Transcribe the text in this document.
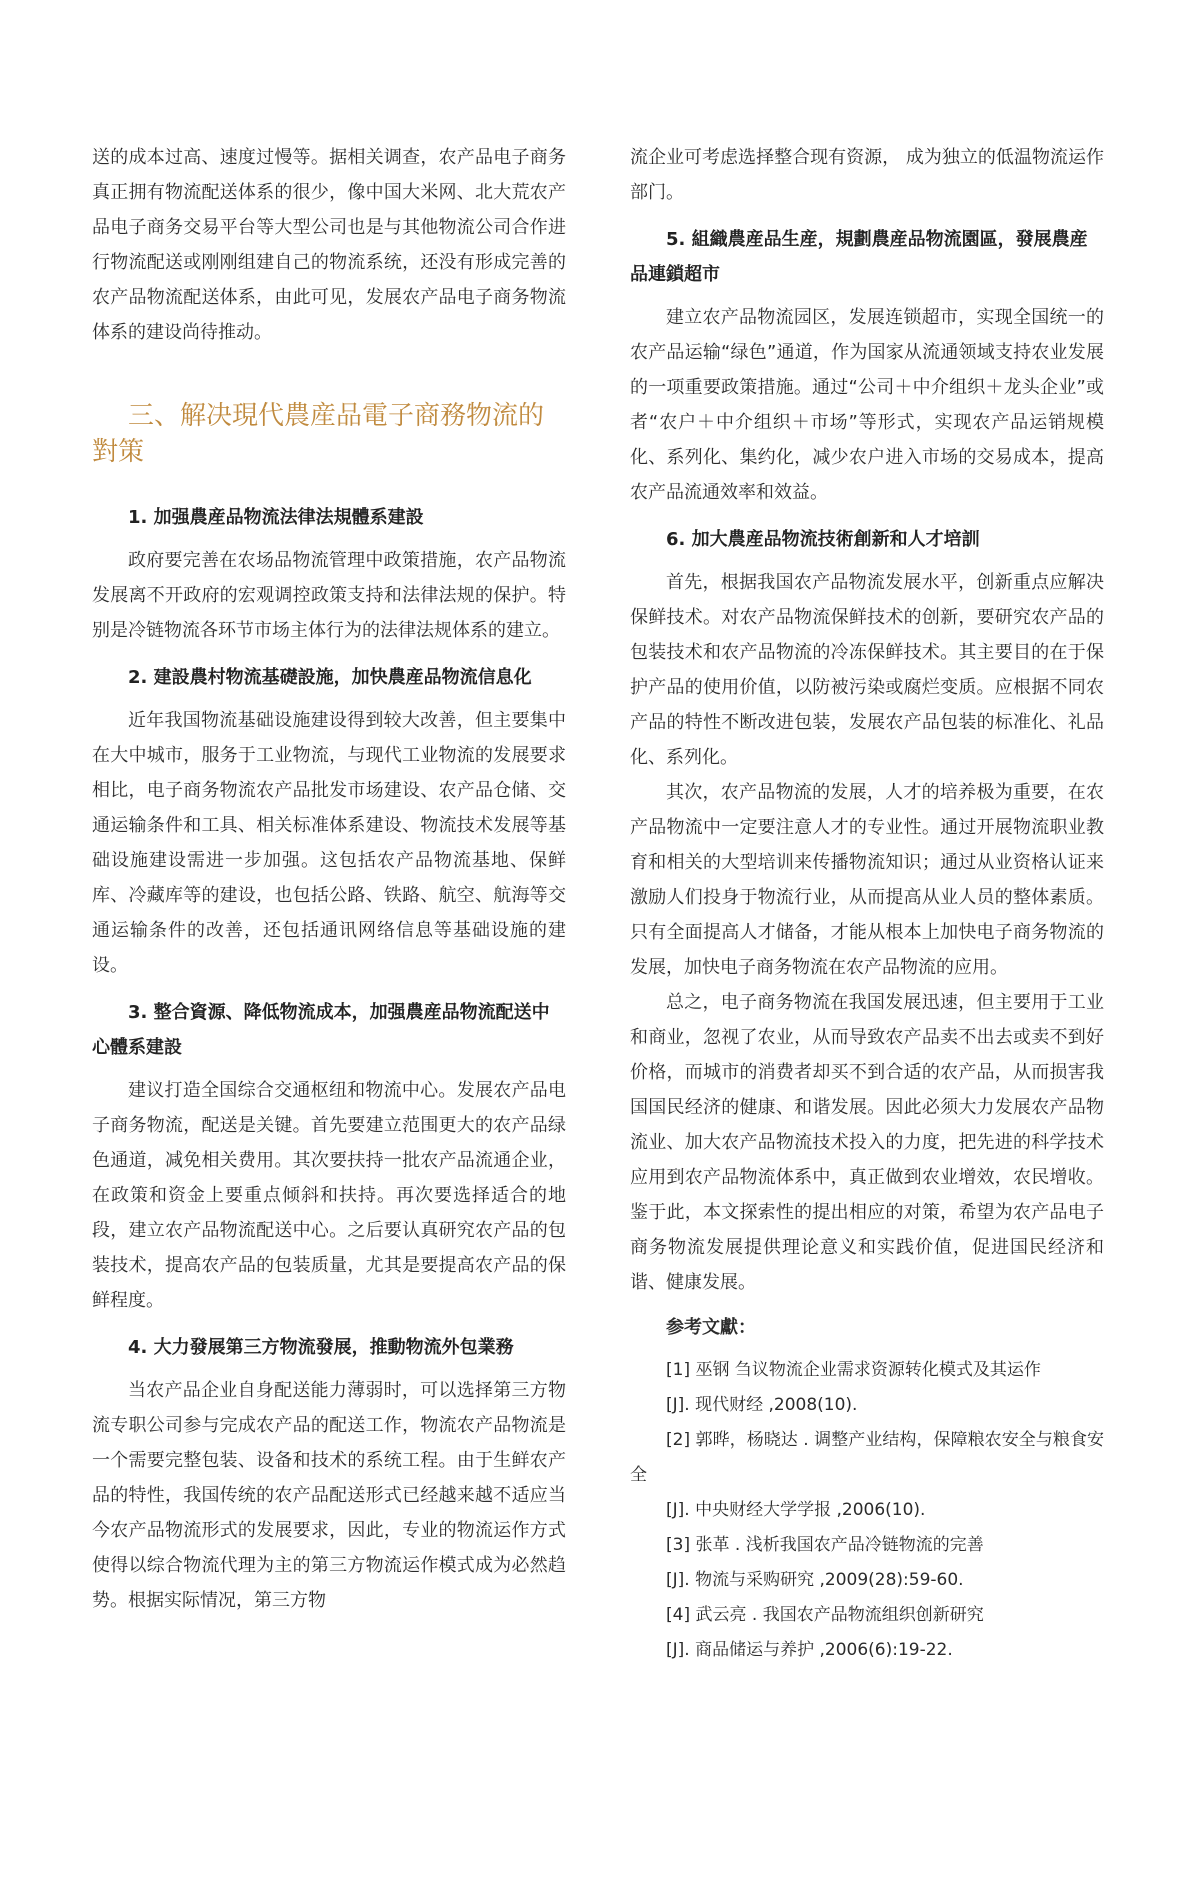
送的成本过高、速度过慢等。据相关调查，农产品电子商务真正拥有物流配送体系的很少，像中国大米网、北大荒农产品电子商务交易平台等大型公司也是与其他物流公司合作进行物流配送或刚刚组建自己的物流系统，还没有形成完善的农产品物流配送体系，由此可见，发展农产品电子商务物流体系的建设尚待推动。

三、解决現代農産品電子商務物流的對策
1. 加强農産品物流法律法規體系建設

政府要完善在农场品物流管理中政策措施，农产品物流发展离不开政府的宏观调控政策支持和法律法规的保护。特别是冷链物流各环节市场主体行为的法律法规体系的建立。

2. 建設農村物流基礎設施，加快農産品物流信息化

近年我国物流基础设施建设得到较大改善，但主要集中在大中城市，服务于工业物流，与现代工业物流的发展要求相比，电子商务物流农产品批发市场建设、农产品仓储、交通运输条件和工具、相关标准体系建设、物流技术发展等基础设施建设需进一步加强。这包括农产品物流基地、保鲜库、冷藏库等的建设，也包括公路、铁路、航空、航海等交通运输条件的改善，还包括通讯网络信息等基础设施的建设。

3. 整合資源、降低物流成本，加强農産品物流配送中心體系建設

建议打造全国综合交通枢纽和物流中心。发展农产品电子商务物流，配送是关键。首先要建立范围更大的农产品绿色通道，减免相关费用。其次要扶持一批农产品流通企业，在政策和资金上要重点倾斜和扶持。再次要选择适合的地段，建立农产品物流配送中心。之后要认真研究农产品的包装技术，提高农产品的包装质量，尤其是要提高农产品的保鲜程度。

4. 大力發展第三方物流發展，推動物流外包業務

当农产品企业自身配送能力薄弱时，可以选择第三方物流专职公司参与完成农产品的配送工作，物流农产品物流是一个需要完整包装、设备和技术的系统工程。由于生鲜农产品的特性，我国传统的农产品配送形式已经越来越不适应当今农产品物流形式的发展要求，因此，专业的物流运作方式使得以综合物流代理为主的第三方物流运作模式成为必然趋势。根据实际情况，第三方物

流企业可考虑选择整合现有资源， 成为独立的低温物流运作部门。

5. 組織農産品生産，規劃農産品物流園區，發展農産品連鎖超市

建立农产品物流园区，发展连锁超市，实现全国统一的农产品运输“绿色”通道，作为国家从流通领域支持农业发展的一项重要政策措施。通过“公司＋中介组织＋龙头企业”或者“农户＋中介组织＋市场”等形式，实现农产品运销规模化、系列化、集约化，减少农户进入市场的交易成本，提高农产品流通效率和效益。

6. 加大農産品物流技術創新和人才培訓

首先，根据我国农产品物流发展水平，创新重点应解决保鲜技术。对农产品物流保鲜技术的创新，要研究农产品的包装技术和农产品物流的冷冻保鲜技术。其主要目的在于保护产品的使用价值，以防被污染或腐烂变质。应根据不同农产品的特性不断改进包装，发展农产品包装的标准化、礼品化、系列化。

其次，农产品物流的发展，人才的培养极为重要，在农产品物流中一定要注意人才的专业性。通过开展物流职业教育和相关的大型培训来传播物流知识；通过从业资格认证来激励人们投身于物流行业，从而提高从业人员的整体素质。只有全面提高人才储备，才能从根本上加快电子商务物流的发展，加快电子商务物流在农产品物流的应用。

总之，电子商务物流在我国发展迅速，但主要用于工业和商业，忽视了农业，从而导致农产品卖不出去或卖不到好价格，而城市的消费者却买不到合适的农产品，从而损害我国国民经济的健康、和谐发展。因此必须大力发展农产品物流业、加大农产品物流技术投入的力度，把先进的科学技术应用到农产品物流体系中，真正做到农业增效，农民增收。鉴于此，本文探索性的提出相应的对策，希望为农产品电子商务物流发展提供理论意义和实践价值，促进国民经济和谐、健康发展。

参考文獻：

[1] 巫钢 刍议物流企业需求资源转化模式及其运作

[J]. 现代财经 ,2008(10).

[2] 郭晔，杨晓达 . 调整产业结构，保障粮农安全与粮食安全

[J]. 中央财经大学学报 ,2006(10).

[3] 张革 . 浅析我国农产品冷链物流的完善

[J]. 物流与采购研究 ,2009(28):59-60.

[4] 武云亮 . 我国农产品物流组织创新研究

[J]. 商品储运与养护 ,2006(6):19-22.
